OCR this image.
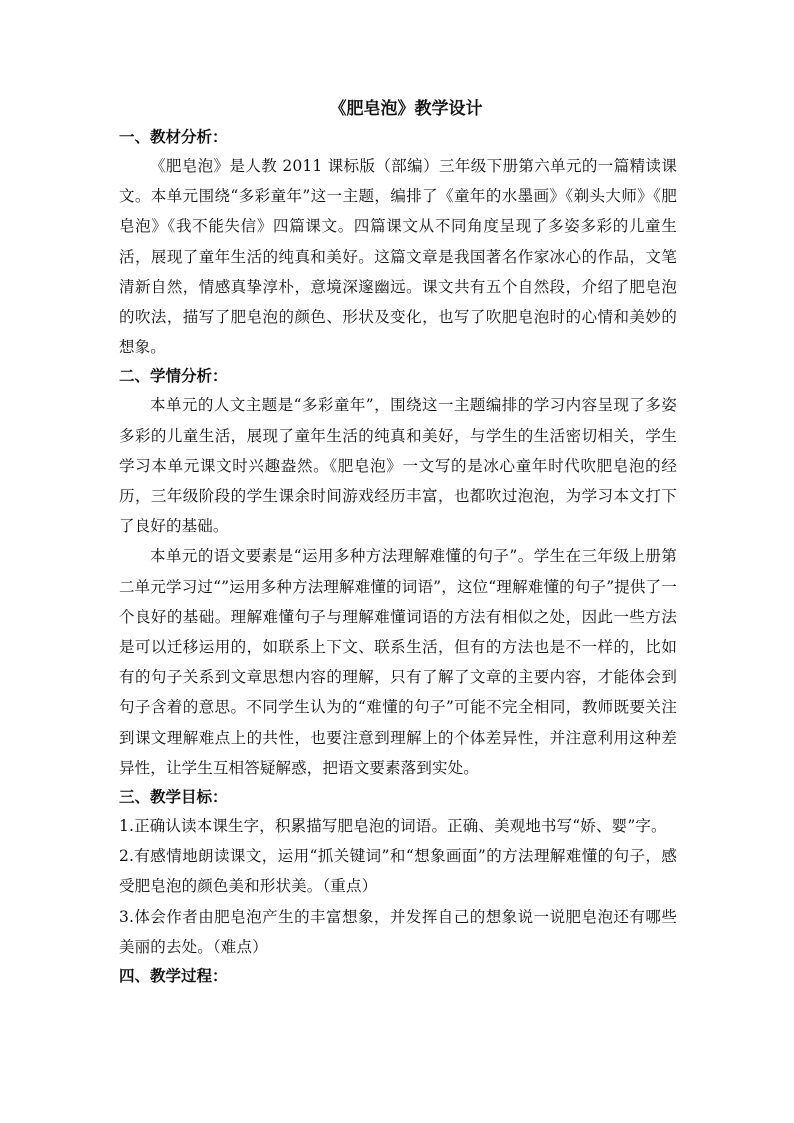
《肥皂泡》教学设计
一、教材分析：

《肥皂泡》是人教 2011 课标版（部编）三年级下册第六单元的一篇精读课文。本单元围绕“多彩童年”这一主题，编排了《童年的水墨画》《剃头大师》《肥皂泡》《我不能失信》四篇课文。四篇课文从不同角度呈现了多姿多彩的儿童生活，展现了童年生活的纯真和美好。这篇文章是我国著名作家冰心的作品，文笔清新自然，情感真挚淳朴，意境深邃幽远。课文共有五个自然段，介绍了肥皂泡的吹法，描写了肥皂泡的颜色、形状及变化，也写了吹肥皂泡时的心情和美妙的想象。

二、学情分析：

本单元的人文主题是“多彩童年”，围绕这一主题编排的学习内容呈现了多姿多彩的儿童生活，展现了童年生活的纯真和美好，与学生的生活密切相关，学生学习本单元课文时兴趣盎然。《肥皂泡》一文写的是冰心童年时代吹肥皂泡的经历，三年级阶段的学生课余时间游戏经历丰富，也都吹过泡泡，为学习本文打下了良好的基础。

本单元的语文要素是“运用多种方法理解难懂的句子”。学生在三年级上册第二单元学习过“”运用多种方法理解难懂的词语”，这位“理解难懂的句子”提供了一个良好的基础。理解难懂句子与理解难懂词语的方法有相似之处，因此一些方法是可以迁移运用的，如联系上下文、联系生活，但有的方法也是不一样的，比如有的句子关系到文章思想内容的理解，只有了解了文章的主要内容，才能体会到句子含着的意思。不同学生认为的“难懂的句子”可能不完全相同，教师既要关注到课文理解难点上的共性，也要注意到理解上的个体差异性，并注意利用这种差异性，让学生互相答疑解惑，把语文要素落到实处。

三、教学目标：

1.正确认读本课生字，积累描写肥皂泡的词语。正确、美观地书写“娇、婴”字。

2.有感情地朗读课文，运用“抓关键词”和“想象画面”的方法理解难懂的句子，感受肥皂泡的颜色美和形状美。（重点）

3.体会作者由肥皂泡产生的丰富想象，并发挥自己的想象说一说肥皂泡还有哪些美丽的去处。（难点）

四、教学过程：
